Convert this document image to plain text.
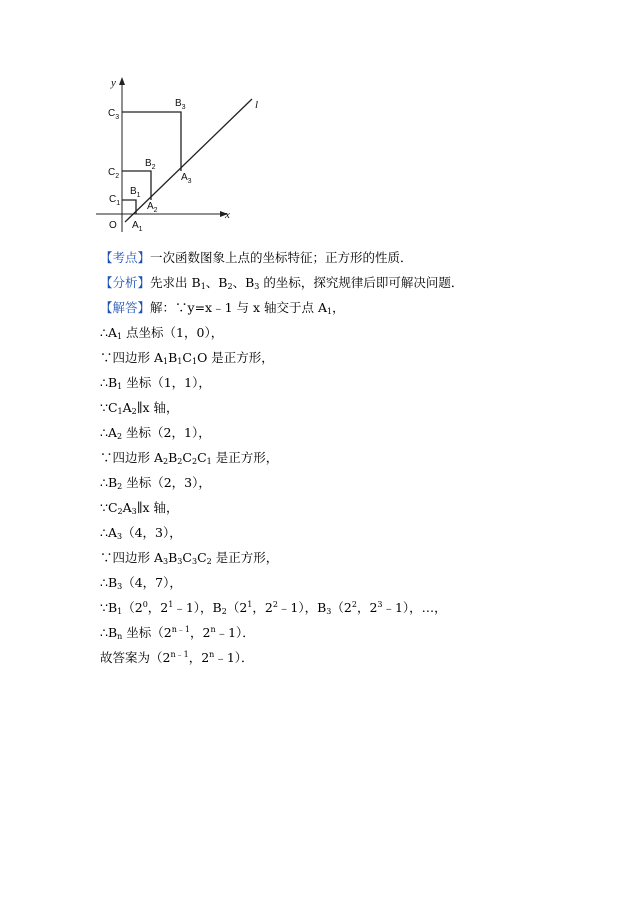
y
x
l
O
$C_3$
$B_3$
$C_2$
$B_2$
$A_3$
$C_1$
$B_1$
$A_2$
$A_1$
【考点】一次函数图象上点的坐标特征；正方形的性质．
【分析】先求出 $B_1$、$B_2$、$B_3$ 的坐标，探究规律后即可解决问题．
【解答】解：∵y=x﹣1 与 x 轴交于点 $A_1$，
$\therefore A_1$ 点坐标（1，0），
∵四边形 $A_1B_1C_1O$ 是正方形，
$\therefore B_1$ 坐标（1，1），
$\because C_1A_2\parallel x$ 轴，
$\therefore A_2$ 坐标（2，1），
∵四边形 $A_2B_2C_2C_1$ 是正方形，
$\therefore B_2$ 坐标（2，3），
$\because C_2A_3\parallel x$ 轴，
$\therefore A_3(4$，3），
∵四边形 $A_3B_3C_3C_2$ 是正方形，
$\therefore B_3(4$，7），
$\because B_1(2^0$，$2^1﹣1$），$B_2(2^1$，$2^2﹣1$），$B_3(2^2$，$2^3﹣1$），…，
$\therefore B_n$ 坐标（$2^{n﹣1}$，2$^n$﹣1）．
故答案为（$2^{n﹣1}$，2$^n$﹣1）．
